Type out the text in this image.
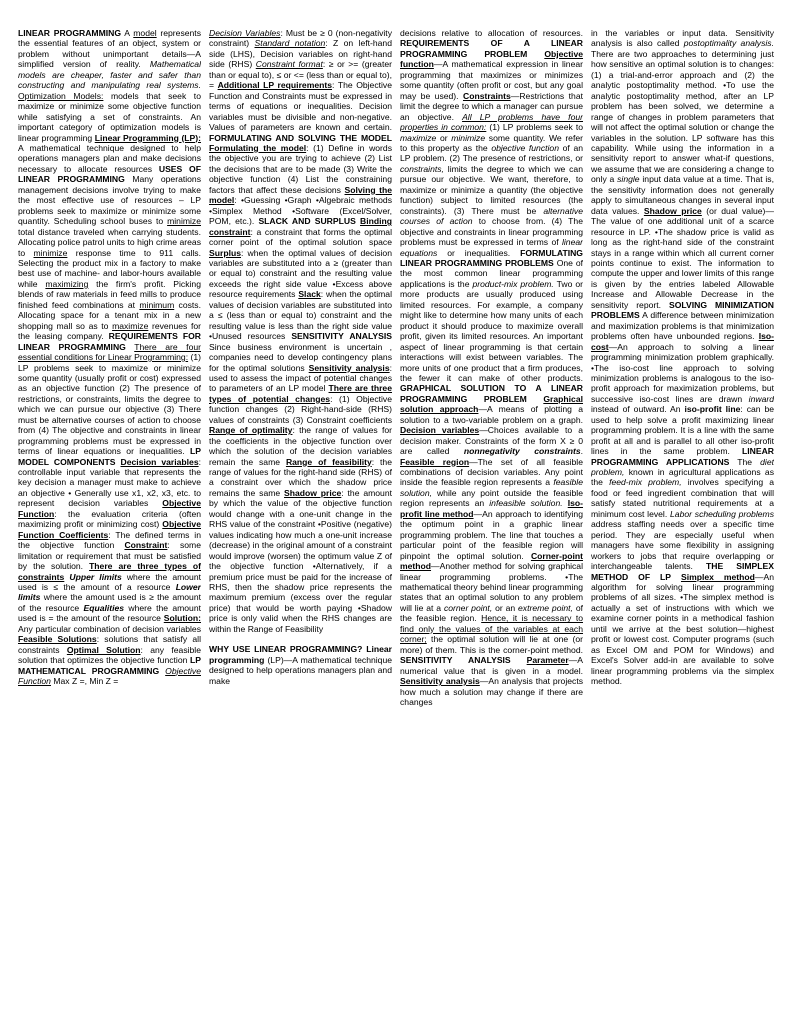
LINEAR PROGRAMMING A model represents the essential features of an object, system or problem without unimportant details—A simplified version of reality. Mathematical models are cheaper, faster and safer than constructing and manipulating real systems. Optimization Models: models that seek to maximize or minimize some objective function while satisfying a set of constraints. An important category of optimization models is linear programming Linear Programming (LP): A mathematical technique designed to help operations managers plan and make decisions necessary to allocate resources USES OF LINEAR PROGRAMMING Many operations management decisions involve trying to make the most effective use of resources – LP problems seek to maximize or minimize some quantity. Scheduling school buses to minimize total distance traveled when carrying students. Allocating police patrol units to high crime areas to minimize response time to 911 calls. Selecting the product mix in a factory to make best use of machine- and labor-hours available while maximizing the firm's profit. Picking blends of raw materials in feed mills to produce finished feed combinations at minimum costs. Allocating space for a tenant mix in a new shopping mall so as to maximize revenues for the leasing company. REQUIREMENTS FOR LINEAR PROGRAMMING There are four essential conditions for Linear Programming: (1) LP problems seek to maximize or minimize some quantity (usually profit or cost) expressed as an objective function (2) The presence of restrictions, or constraints, limits the degree to which we can pursue our objective (3) There must be alternative courses of action to choose from (4) The objective and constraints in linear programming problems must be expressed in terms of linear equations or inequalities. LP MODEL COMPONENTS Decision variables: controllable input variable that represents the key decision a manager must make to achieve an objective • Generally use x1, x2, x3, etc. to represent decision variables Objective Function: the evaluation criteria (often maximizing profit or minimizing cost) Objective Function Coefficients: The defined terms in the objective function Constraint: some limitation or requirement that must be satisfied by the solution. There are three types of constraints Upper limits where the amount used is ≤ the amount of a resource Lower limits where the amount used is ≥ the amount of the resource Equalities where the amount used is = the amount of the resource Solution: Any particular combination of decision variables Feasible Solutions: solutions that satisfy all constraints Optimal Solution: any feasible solution that optimizes the objective function LP MATHEMATICAL PROGRAMMING Objective Function Max Z =, Min Z =

Decision Variables: Must be ≥ 0 (non-negativity constraint) Standard notation: Z on left-hand side (LHS), Decision variables on right-hand side (RHS) Constraint format: ≥ or >= (greater than or equal to), ≤ or <= (less than or equal to), = Additional LP requirements: The Objective Function and Constraints must be expressed in terms of equations or inequalities. Decision variables must be divisible and non-negative. Values of parameters are known and certain. FORMULATING AND SOLVING THE MODEL Formulating the model: (1) Define in words the objective you are trying to achieve (2) List the decisions that are to be made (3) Write the objective function (4) List the constraining factors that affect these decisions Solving the model: •Guessing •Graph •Algebraic methods •Simplex Method •Software (Excel/Solver, POM, etc.). SLACK AND SURPLUS Binding constraint: a constraint that forms the optimal corner point of the optimal solution space Surplus: when the optimal values of decision variables are substituted into a ≥ (greater than or equal to) constraint and the resulting value exceeds the right side value •Excess above resource requirements Slack: when the optimal values of decision variables are substituted into a ≤ (less than or equal to) constraint and the resulting value is less than the right side value •Unused resources SENSITIVITY ANALYSIS Since business environment is uncertain , companies need to develop contingency plans for the optimal solutions Sensitivity analysis: used to assess the impact of potential changes to parameters of an LP model There are three types of potential changes: (1) Objective function changes (2) Right-hand-side (RHS) values of constraints (3) Constraint coefficients Range of optimality: the range of values for the coefficients in the objective function over which the solution of the decision variables remain the same Range of feasibility: the range of values for the right-hand side (RHS) of a constraint over which the shadow price remains the same Shadow price: the amount by which the value of the objective function would change with a one-unit change in the RHS value of the constraint •Positive (negative) values indicating how much a one-unit increase (decrease) in the original amount of a constraint would improve (worsen) the optimum value Z of the objective function •Alternatively, if a premium price must be paid for the increase of RHS, then the shadow price represents the maximum premium (excess over the regular price) that would be worth paying •Shadow price is only valid when the RHS changes are within the Range of Feasibility

WHY USE LINEAR PROGRAMMING? Linear programming (LP)—A mathematical technique designed to help operations managers plan and make

decisions relative to allocation of resources. REQUIREMENTS OF A LINEAR PROGRAMMING PROBLEM Objective function—A mathematical expression in linear programming that maximizes or minimizes some quantity (often profit or cost, but any goal may be used). Constraints—Restrictions that limit the degree to which a manager can pursue an objective. All LP problems have four properties in common: (1) LP problems seek to maximize or minimize some quantity. We refer to this property as the objective function of an LP problem. (2) The presence of restrictions, or constraints, limits the degree to which we can pursue our objective. We want, therefore, to maximize or minimize a quantity (the objective function) subject to limited resources (the constraints). (3) There must be alternative courses of action to choose from. (4) The objective and constraints in linear programming problems must be expressed in terms of linear equations or inequalities. FORMULATING LINEAR PROGRAMMING PROBLEMS One of the most common linear programming applications is the product-mix problem. Two or more products are usually produced using limited resources. For example, a company might like to determine how many units of each product it should produce to maximize overall profit, given its limited resources. An important aspect of linear programming is that certain interactions will exist between variables. The more units of one product that a firm produces, the fewer it can make of other products. GRAPHICAL SOLUTION TO A LINEAR PROGRAMMING PROBLEM Graphical solution approach—A means of plotting a solution to a two-variable problem on a graph. Decision variables—Choices available to a decision maker. Constraints of the form X ≥ 0 are called nonnegativity constraints. Feasible region—The set of all feasible combinations of decision variables. Any point inside the feasible region represents a feasible solution, while any point outside the feasible region represents an infeasible solution. Iso-profit line method—An approach to identifying the optimum point in a graphic linear programming problem. The line that touches a particular point of the feasible region will pinpoint the optimal solution. Corner-point method—Another method for solving graphical linear programming problems. •The mathematical theory behind linear programming states that an optimal solution to any problem will lie at a corner point, or an extreme point, of the feasible region. Hence, it is necessary to find only the values of the variables at each corner; the optimal solution will lie at one (or more) of them. This is the corner-point method. SENSITIVITY ANALYSIS Parameter—A numerical value that is given in a model. Sensitivity analysis—An analysis that projects how much a solution may change if there are changes

in the variables or input data. Sensitivity analysis is also called postoptimality analysis. There are two approaches to determining just how sensitive an optimal solution is to changes: (1) a trial-and-error approach and (2) the analytic postoptimality method. •To use the analytic postoptimality method, after an LP problem has been solved, we determine a range of changes in problem parameters that will not affect the optimal solution or change the variables in the solution. LP software has this capability. While using the information in a sensitivity report to answer what-if questions, we assume that we are considering a change to only a single input data value at a time. That is, the sensitivity information does not generally apply to simultaneous changes in several input data values. Shadow price (or dual value)—The value of one additional unit of a scarce resource in LP. •The shadow price is valid as long as the right-hand side of the constraint stays in a range within which all current corner points continue to exist. The information to compute the upper and lower limits of this range is given by the entries labeled Allowable Increase and Allowable Decrease in the sensitivity report. SOLVING MINIMIZATION PROBLEMS A difference between minimization and maximization problems is that minimization problems often have unbounded regions. Iso-cost—An approach to solving a linear programming minimization problem graphically. •The iso-cost line approach to solving minimization problems is analogous to the iso-profit approach for maximization problems, but successive iso-cost lines are drawn inward instead of outward. An iso-profit line: can be used to help solve a profit maximizing linear programming problem. It is a line with the same profit at all and is parallel to all other iso-profit lines in the same problem. LINEAR PROGRAMMING APPLICATIONS The diet problem, known in agricultural applications as the feed-mix problem, involves specifying a food or feed ingredient combination that will satisfy stated nutritional requirements at a minimum cost level. Labor scheduling problems address staffing needs over a specific time period. They are especially useful when managers have some flexibility in assigning workers to jobs that require overlapping or interchangeable talents. THE SIMPLEX METHOD OF LP Simplex method—An algorithm for solving linear programming problems of all sizes. •The simplex method is actually a set of instructions with which we examine corner points in a methodical fashion until we arrive at the best solution—highest profit or lowest cost. Computer programs (such as Excel OM and POM for Windows) and Excel's Solver add-in are available to solve linear programming problems via the simplex method.
